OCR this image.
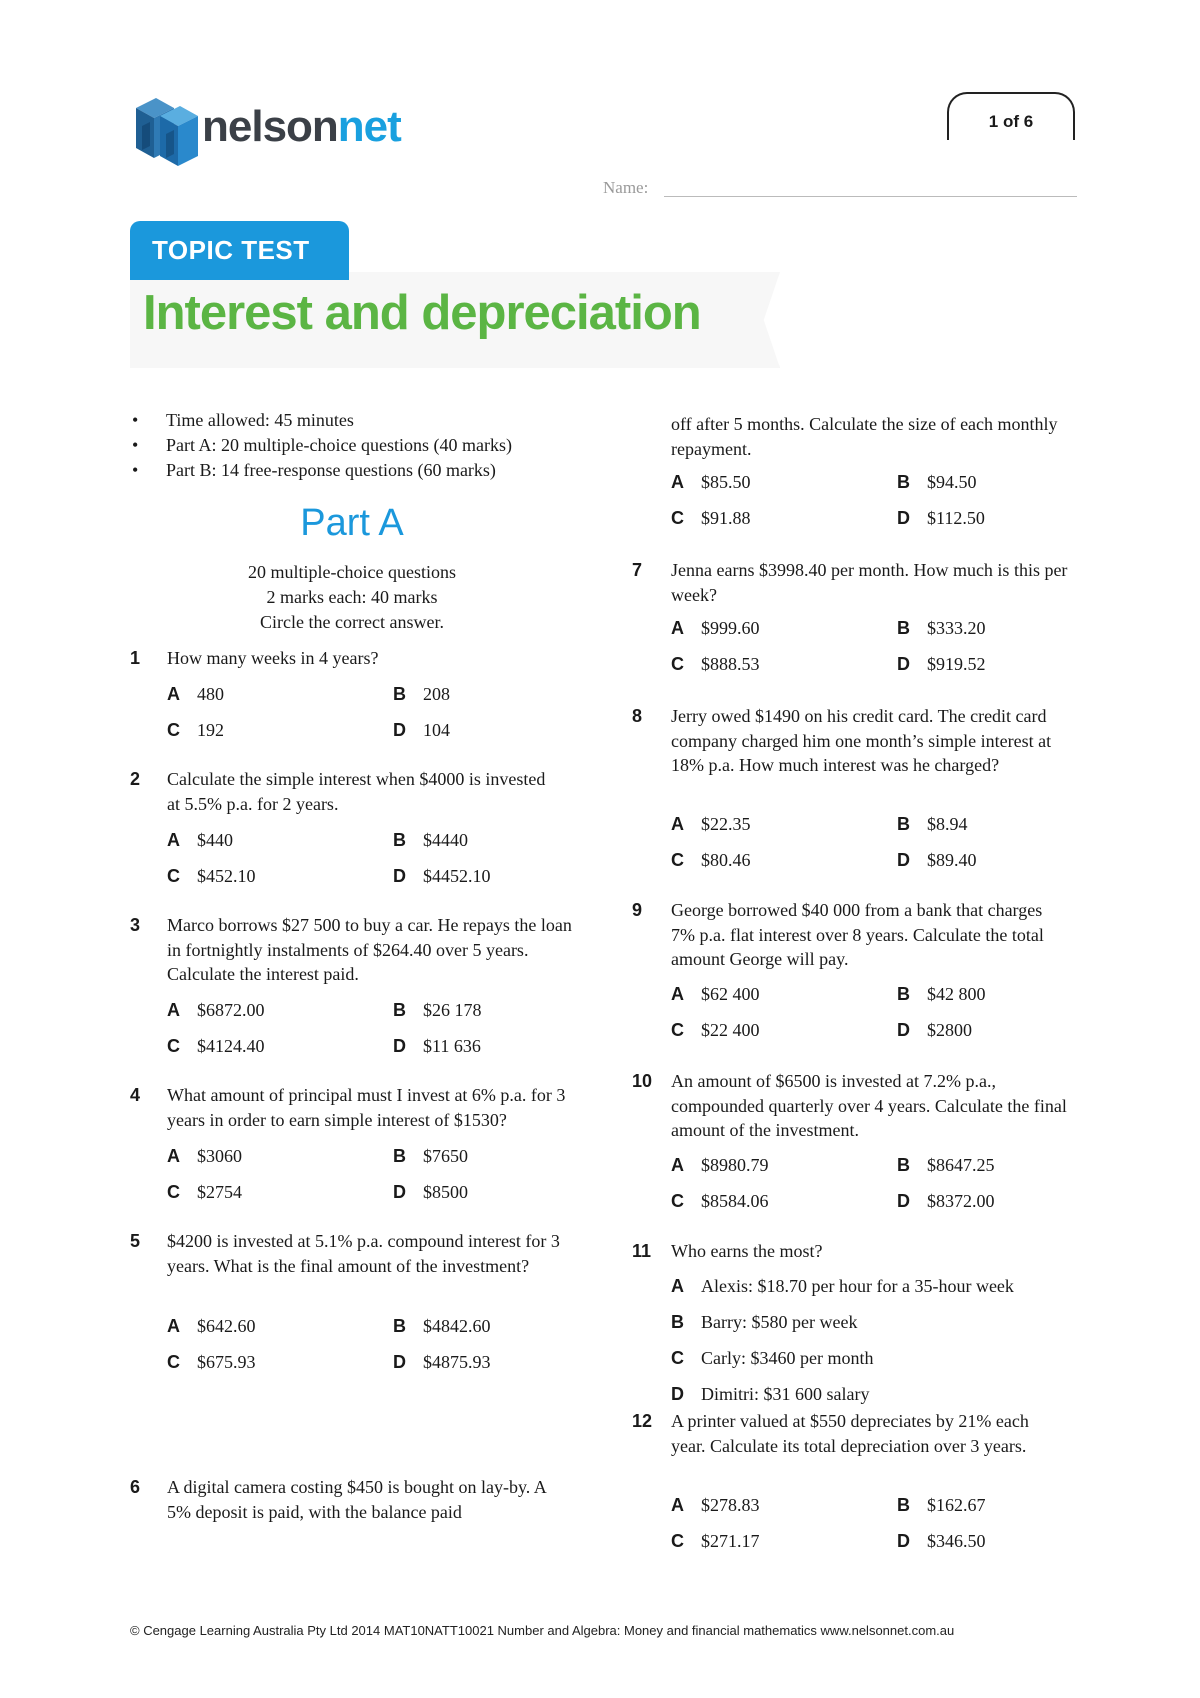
nelsonnet	1 of 6
Name:
Interest and depreciation
TOPIC TEST
• Time allowed: 45 minutes
• Part A: 20 multiple-choice questions (40 marks)
• Part B: 14 free-response questions (60 marks)
Part A
20 multiple-choice questions
2 marks each: 40 marks
Circle the correct answer.
1 How many weeks in 4 years?
A 480	B 208
C 192	D 104
2 Calculate the simple interest when $4000 is invested at 5.5% p.a. for 2 years.
A $440	B $4440
C $452.10	D $4452.10
3 Marco borrows $27 500 to buy a car. He repays the loan in fortnightly instalments of $264.40 over 5 years. Calculate the interest paid.
A $6872.00	B $26 178
C $4124.40	D $11 636
4 What amount of principal must I invest at 6% p.a. for 3 years in order to earn simple interest of $1530?
A $3060	B $7650
C $2754	D $8500
5 $4200 is invested at 5.1% p.a. compound interest for 3 years. What is the final amount of the investment?
A $642.60	B $4842.60
C $675.93	D $4875.93
6 A digital camera costing $450 is bought on lay-by. A 5% deposit is paid, with the balance paid
off after 5 months. Calculate the size of each monthly repayment.
A $85.50	B $94.50
C $91.88	D $112.50
7 Jenna earns $3998.40 per month. How much is this per week?
A $999.60	B $333.20
C $888.53	D $919.52
8 Jerry owed $1490 on his credit card. The credit card company charged him one month’s simple interest at 18% p.a. How much interest was he charged?
A $22.35	B $8.94
C $80.46	D $89.40
9 George borrowed $40 000 from a bank that charges 7% p.a. flat interest over 8 years. Calculate the total amount George will pay.
A $62 400	B $42 800
C $22 400	D $2800
10 An amount of $6500 is invested at 7.2% p.a., compounded quarterly over 4 years. Calculate the final amount of the investment.
A $8980.79	B $8647.25
C $8584.06	D $8372.00
11 Who earns the most?
A Alexis: $18.70 per hour for a 35-hour week
B Barry: $580 per week
C Carly: $3460 per month
D Dimitri: $31 600 salary
12 A printer valued at $550 depreciates by 21% each year. Calculate its total depreciation over 3 years.
A $278.83	B $162.67
C $271.17	D $346.50
© Cengage Learning Australia Pty Ltd 2014 MAT10NATT10021 Number and Algebra: Money and financial mathematics www.nelsonnet.com.au
